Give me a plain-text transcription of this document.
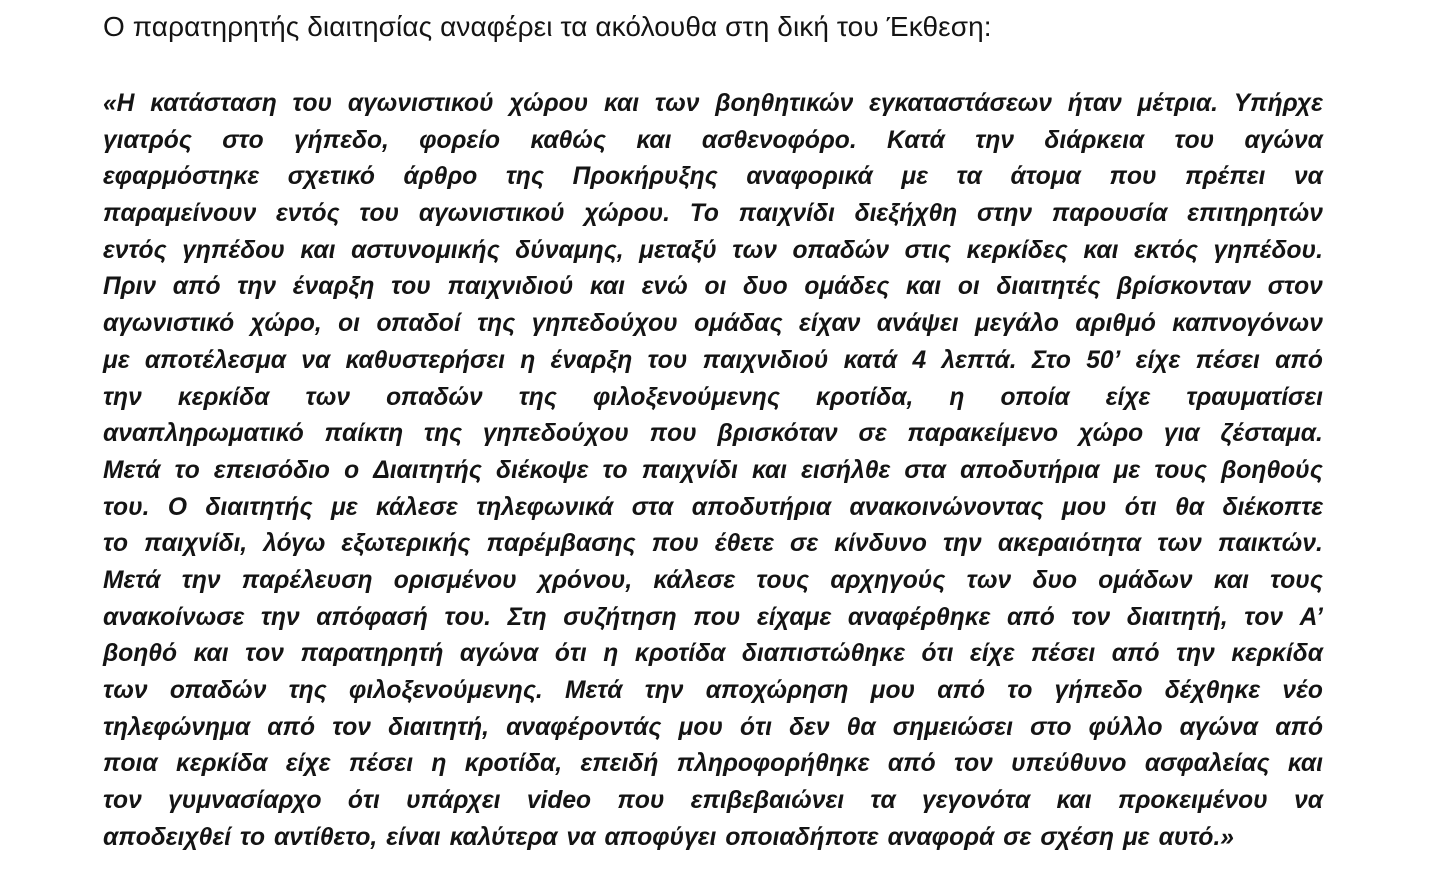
Ο παρατηρητής διαιτησίας αναφέρει τα ακόλουθα στη δική του Έκθεση:
«Η κατάσταση του αγωνιστικού χώρου και των βοηθητικών εγκαταστάσεων ήταν μέτρια. Υπήρχε
γιατρός στο γήπεδο, φορείο καθώς και ασθενοφόρο. Κατά την διάρκεια του αγώνα
εφαρμόστηκε σχετικό άρθρο της Προκήρυξης αναφορικά με τα άτομα που πρέπει να
παραμείνουν εντός του αγωνιστικού χώρου. Το παιχνίδι διεξήχθη στην παρουσία επιτηρητών
εντός γηπέδου και αστυνομικής δύναμης, μεταξύ των οπαδών στις κερκίδες και εκτός γηπέδου.
Πριν από την έναρξη του παιχνιδιού και ενώ οι δυο ομάδες και οι διαιτητές βρίσκονταν στον
αγωνιστικό χώρο, οι οπαδοί της γηπεδούχου ομάδας είχαν ανάψει μεγάλο αριθμό καπνογόνων
με αποτέλεσμα να καθυστερήσει η έναρξη του παιχνιδιού κατά 4 λεπτά. Στο 50’ είχε πέσει από
την κερκίδα των οπαδών της φιλοξενούμενης κροτίδα, η οποία είχε τραυματίσει
αναπληρωματικό παίκτη της γηπεδούχου που βρισκόταν σε παρακείμενο χώρο για ζέσταμα.
Μετά το επεισόδιο ο Διαιτητής διέκοψε το παιχνίδι και εισήλθε στα αποδυτήρια με τους βοηθούς
του. Ο διαιτητής με κάλεσε τηλεφωνικά στα αποδυτήρια ανακοινώνοντας μου ότι θα διέκοπτε
το παιχνίδι, λόγω εξωτερικής παρέμβασης που έθετε σε κίνδυνο την ακεραιότητα των παικτών.
Μετά την παρέλευση ορισμένου χρόνου, κάλεσε τους αρχηγούς των δυο ομάδων και τους
ανακοίνωσε την απόφασή του. Στη συζήτηση που είχαμε αναφέρθηκε από τον διαιτητή, τον Α’
βοηθό και τον παρατηρητή αγώνα ότι η κροτίδα διαπιστώθηκε ότι είχε πέσει από την κερκίδα
των οπαδών της φιλοξενούμενης. Μετά την αποχώρηση μου από το γήπεδο δέχθηκε νέο
τηλεφώνημα από τον διαιτητή, αναφέροντάς μου ότι δεν θα σημειώσει στο φύλλο αγώνα από
ποια κερκίδα είχε πέσει η κροτίδα, επειδή πληροφορήθηκε από τον υπεύθυνο ασφαλείας και
τον γυμνασίαρχο ότι υπάρχει video που επιβεβαιώνει τα γεγονότα και προκειμένου να
αποδειχθεί το αντίθετο, είναι καλύτερα να αποφύγει οποιαδήποτε αναφορά σε σχέση με αυτό.»
